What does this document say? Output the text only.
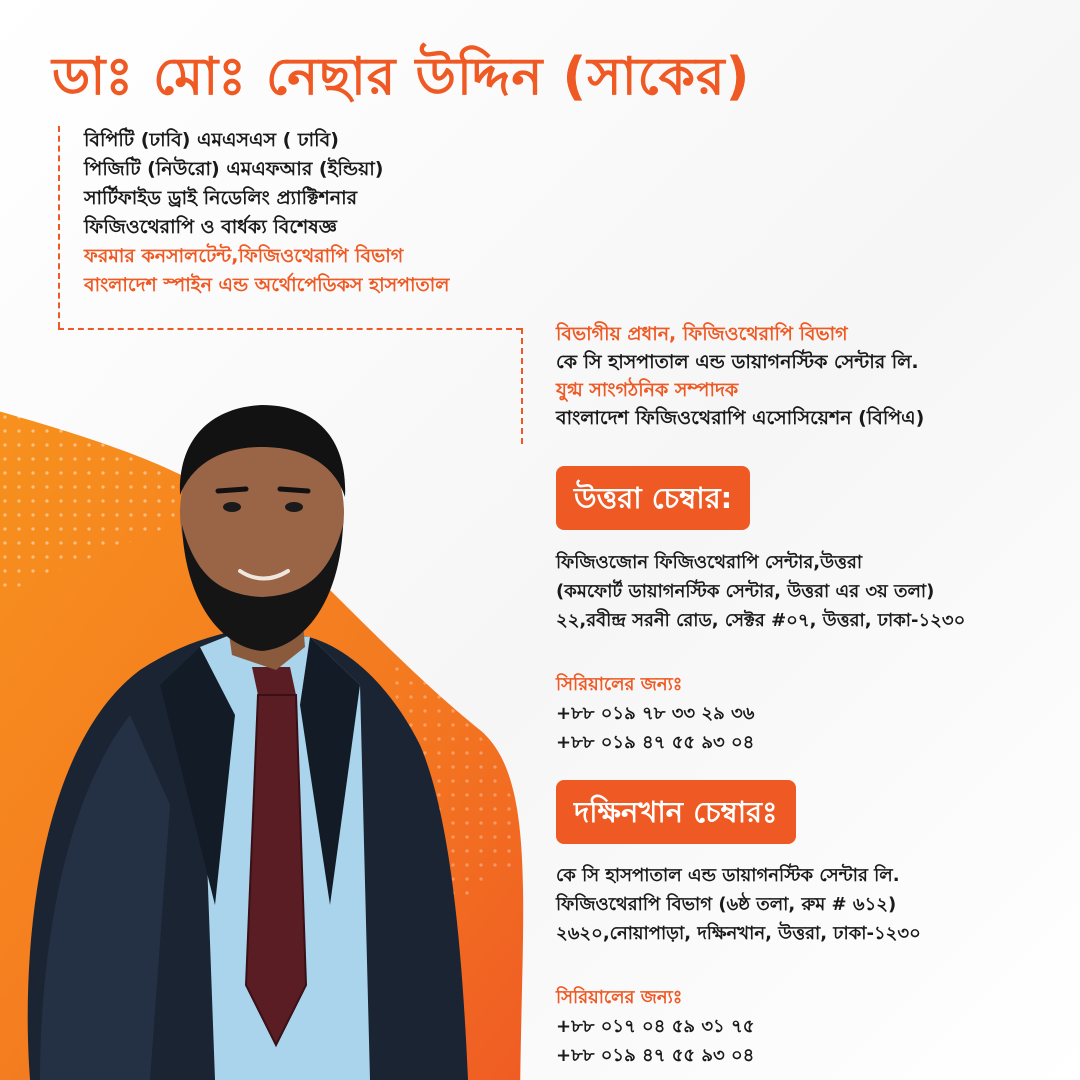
ডাঃ মোঃ নেছার উদ্দিন (সাকের)
বিপিটি (ঢাবি) এমএসএস ( ঢাবি)
পিজিটি (নিউরো) এমএফআর (ইন্ডিয়া)
সার্টিফাইড ড্রাই নিডেলিং প্র্যাক্টিশনার
ফিজিওথেরাপি ও বার্ধক্য বিশেষজ্ঞ
ফরমার কনসালটেন্ট,ফিজিওথেরাপি বিভাগ
বাংলাদেশ স্পাইন এন্ড অর্থোপেডিকস হাসপাতাল
বিভাগীয় প্রধান, ফিজিওথেরাপি বিভাগ
কে সি হাসপাতাল এন্ড ডায়াগনস্টিক সেন্টার লি.
যুগ্ম সাংগঠনিক সম্পাদক
বাংলাদেশ ফিজিওথেরাপি এসোসিয়েশন (বিপিএ)
উত্তরা চেম্বার:
ফিজিওজোন ফিজিওথেরাপি সেন্টার,উত্তরা
(কমফোর্ট ডায়াগনস্টিক সেন্টার, উত্তরা এর ৩য় তলা)
২২,রবীন্দ্র সরনী রোড, সেক্টর #০৭, উত্তরা, ঢাকা-১২৩০
সিরিয়ালের জন্যঃ
+৮৮ ০১৯ ৭৮ ৩৩ ২৯ ৩৬
+৮৮ ০১৯ ৪৭ ৫৫ ৯৩ ০৪
দক্ষিনখান চেম্বারঃ
কে সি হাসপাতাল এন্ড ডায়াগনস্টিক সেন্টার লি.
ফিজিওথেরাপি বিভাগ (৬ষ্ঠ তলা, রুম # ৬১২)
২৬২০,নোয়াপাড়া, দক্ষিনখান, উত্তরা, ঢাকা-১২৩০
সিরিয়ালের জন্যঃ
+৮৮ ০১৭ ০৪ ৫৯ ৩১ ৭৫
+৮৮ ০১৯ ৪৭ ৫৫ ৯৩ ০৪
